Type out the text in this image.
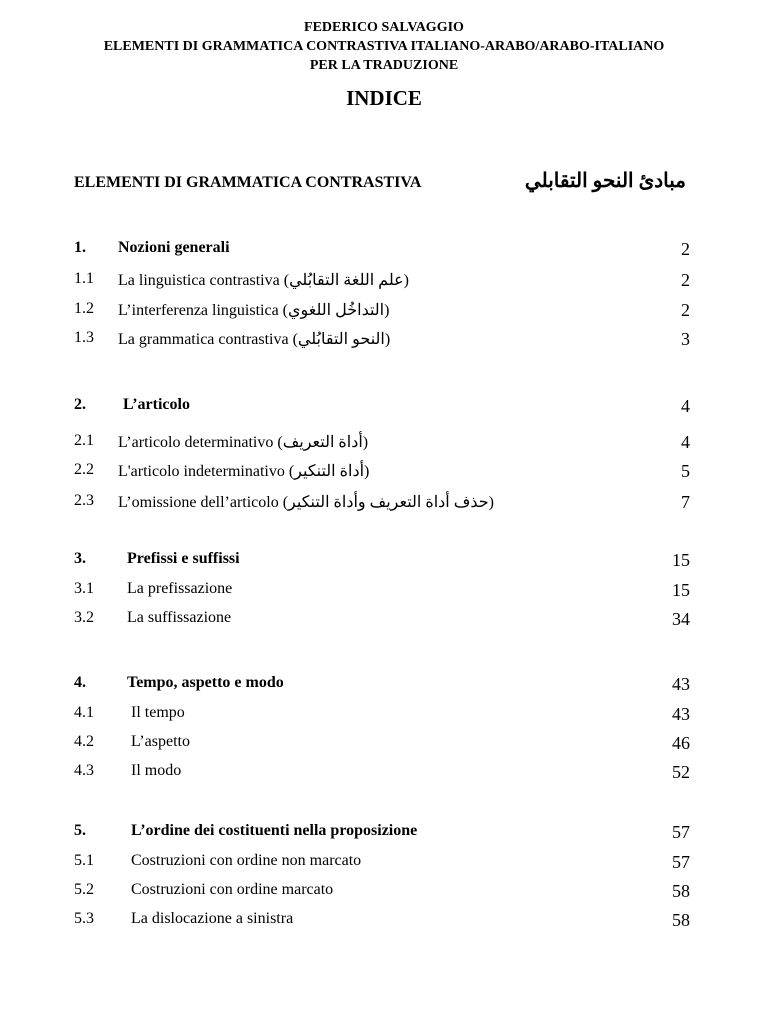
FEDERICO SALVAGGIO
ELEMENTI DI GRAMMATICA CONTRASTIVA ITALIANO-ARABO/ARABO-ITALIANO
PER LA TRADUZIONE
INDICE
ELEMENTI DI GRAMMATICA CONTRASTIVA	مبادئ النحو التقابلي
1. Nozioni generali	2
1.1 La linguistica contrastiva (علم اللغة التقابُلي)	2
1.2 L’interferenza linguistica (التداخُل اللغوي)	2
1.3 La grammatica contrastiva (النحو التقابُلي)	3
2. L’articolo	4
2.1 L’articolo determinativo (أداة التعريف)	4
2.2 L'articolo indeterminativo (أداة التنكير)	5
2.3 L’omissione dell’articolo (حذف أداة التعريف وأداة التنكير)	7
3.	Prefissi e suffissi	15
3.1 La prefissazione	15
3.2 La suffissazione	34
4.	Tempo, aspetto e modo	43
4.1 Il tempo	43
4.2 L’aspetto	46
4.3 Il modo	52
5.	L’ordine dei costituenti nella proposizione	57
5.1 Costruzioni con ordine non marcato	57
5.2 Costruzioni con ordine marcato	58
5.3 La dislocazione a sinistra	58
